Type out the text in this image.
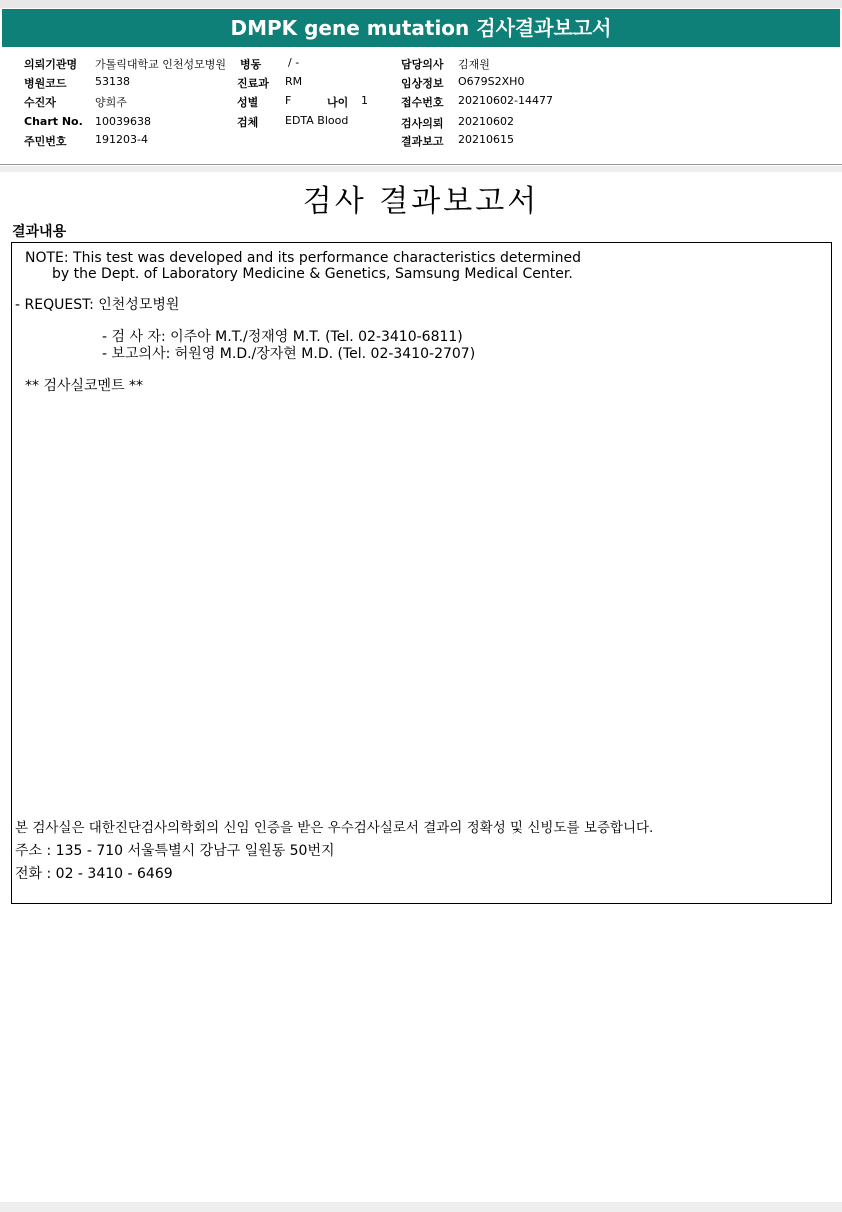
DMPK gene mutation 검사결과보고서
의뢰기관명 가톨릭대학교 인천성모병원 병동 / -	담당의사 김재원
병원코드	53138	진료과 RM	임상정보 O679S2XH0
수진자	양희주	성별 F	나이 1	접수번호 20210602-14477
Chart No. 10039638	검체 EDTA Blood	검사의뢰 20210602
주민번호	191203-4	결과보고 20210615
검사 결과보고서
결과내용
NOTE: This test was developed and its performance characteristics determined
by the Dept. of Laboratory Medicine & Genetics, Samsung Medical Center.
- REQUEST: 인천성모병원
- 검 사 자: 이주아 M.T./정재영 M.T. (Tel. 02-3410-6811)
- 보고의사: 허원영 M.D./장자현 M.D. (Tel. 02-3410-2707)
** 검사실코멘트 **
본 검사실은 대한진단검사의학회의 신임 인증을 받은 우수검사실로서 결과의 정확성 및 신빙도를 보증합니다.
주소 : 135 - 710 서울특별시 강남구 일원동 50번지
전화 : 02 - 3410 - 6469
